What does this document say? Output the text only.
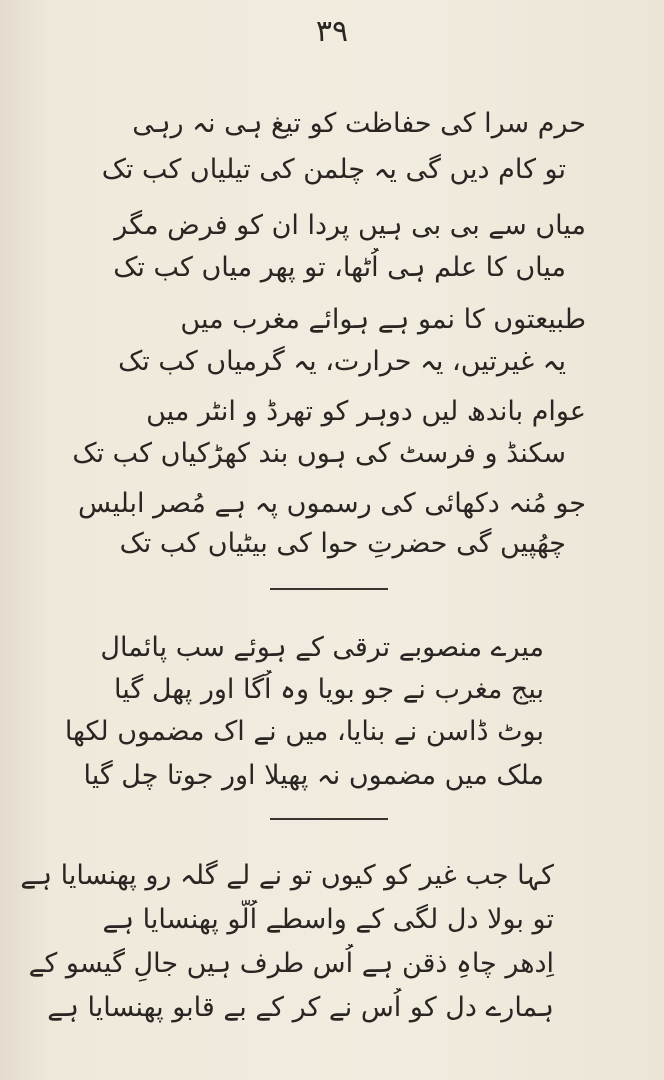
۳۹
حرم سرا کی حفاظت کو تیغ ہی نہ رہی
تو کام دیں گی یہ چلمن کی تیلیاں کب تک
میاں سے بی بی ہیں پردا ان کو فرض مگر
میاں کا علم ہی اُٹھا، تو پھر میاں کب تک
طبیعتوں کا نمو ہے ہوائے مغرب میں
یہ غیرتیں، یہ حرارت، یہ گرمیاں کب تک
عوام باندھ لیں دوہر کو تھرڈ و انٹر میں
سکنڈ و فرسٹ کی ہوں بند کھڑکیاں کب تک
جو مُنہ دکھائی کی رسموں پہ ہے مُصر ابلیس
چھُپیں گی حضرتِ حوا کی بیٹیاں کب تک
میرے منصوبے ترقی کے ہوئے سب پائمال
بیج مغرب نے جو بویا وہ اُگا اور پھل گیا
بوٹ ڈاسن نے بنایا، میں نے اک مضموں لکھا
ملک میں مضموں نہ پھیلا اور جوتا چل گیا
کہا جب غیر کو کیوں تو نے لے گلہ رو پھنسایا ہے
تو بولا دل لگی کے واسطے اُلّو پھنسایا ہے
اِدھر چاہِ ذقن ہے اُس طرف ہیں جالِ گیسو کے
ہمارے دل کو اُس نے کر کے بے قابو پھنسایا ہے
